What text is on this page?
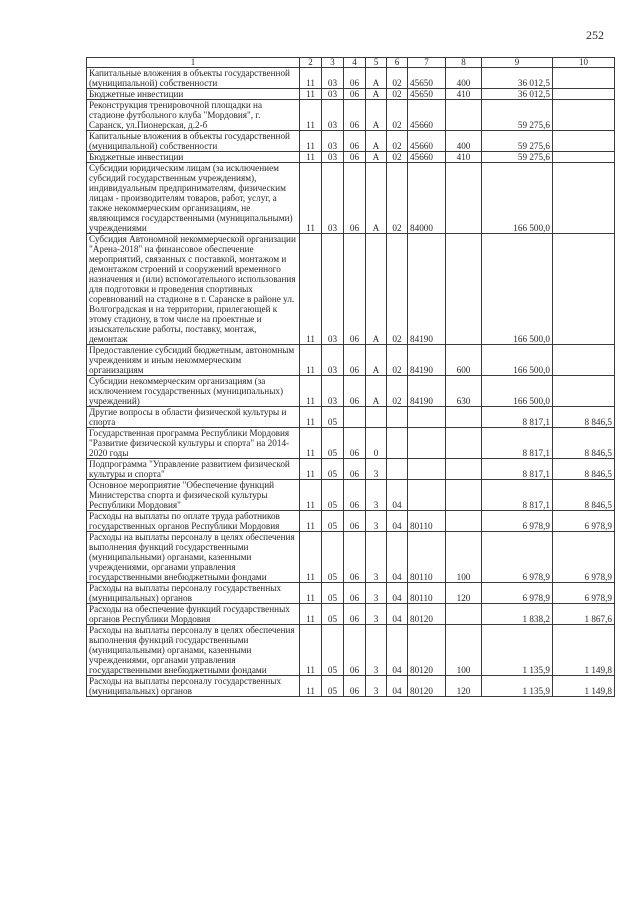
252
1	2	3	4	5	6	7	8	9	10
Капитальные вложения в объекты государственной (муниципальной) собственности	11	03	06	А	02	45650	400	36 012,5	
Бюджетные инвестиции	11	03	06	А	02	45650	410	36 012,5	
Реконструкция тренировочной площадки на стадионе футбольного клуба "Мордовия", г. Саранск, ул.Пионерская, д.2-б	11	03	06	А	02	45660		59 275,6	
Капитальные вложения в объекты государственной (муниципальной) собственности	11	03	06	А	02	45660	400	59 275,6	
Бюджетные инвестиции	11	03	06	А	02	45660	410	59 275,6	
Субсидии юридическим лицам (за исключением субсидий государственным учреждениям), индивидуальным предпринимателям, физическим лицам - производителям товаров, работ, услуг, а также некоммерческим организациям, не являющимся государственными (муниципальными) учреждениями	11	03	06	А	02	84000		166 500,0	
Субсидия Автономной некоммерческой организации "Арена-2018" на финансовое обеспечение мероприятий, связанных с поставкой, монтажом и демонтажом строений и сооружений временного назначения и (или) вспомогательного использования для подготовки и проведения спортивных соревнований на стадионе в г. Саранске в районе ул. Волгоградская и на территории, прилегающей к этому стадиону, в том числе на проектные и изыскательские работы, поставку, монтаж, демонтаж	11	03	06	А	02	84190		166 500,0	
Предоставление субсидий бюджетным, автономным учреждениям и иным некоммерческим организациям	11	03	06	А	02	84190	600	166 500,0	
Субсидии некоммерческим организациям (за исключением государственных (муниципальных) учреждений)	11	03	06	А	02	84190	630	166 500,0	
Другие вопросы в области физической культуры и спорта	11	05						8 817,1	8 846,5
Государственная программа Республики Мордовия "Развитие физической культуры и спорта" на 2014-2020 годы	11	05	06	0				8 817,1	8 846,5
Подпрограмма "Управление развитием физической культуры и спорта"	11	05	06	3				8 817,1	8 846,5
Основное мероприятие "Обеспечение функций Министерства спорта и физической культуры Республики Мордовия"	11	05	06	3	04			8 817,1	8 846,5
Расходы на выплаты по оплате труда работников государственных органов Республики Мордовия	11	05	06	3	04	80110		6 978,9	6 978,9
Расходы на выплаты персоналу в целях обеспечения выполнения функций государственными (муниципальными) органами, казенными учреждениями, органами управления государственными внебюджетными фондами	11	05	06	3	04	80110	100	6 978,9	6 978,9
Расходы на выплаты персоналу государственных (муниципальных) органов	11	05	06	3	04	80110	120	6 978,9	6 978,9
Расходы на обеспечение функций государственных органов Республики Мордовия	11	05	06	3	04	80120		1 838,2	1 867,6
Расходы на выплаты персоналу в целях обеспечения выполнения функций государственными (муниципальными) органами, казенными учреждениями, органами управления государственными внебюджетными фондами	11	05	06	3	04	80120	100	1 135,9	1 149,8
Расходы на выплаты персоналу государственных (муниципальных) органов	11	05	06	3	04	80120	120	1 135,9	1 149,8
